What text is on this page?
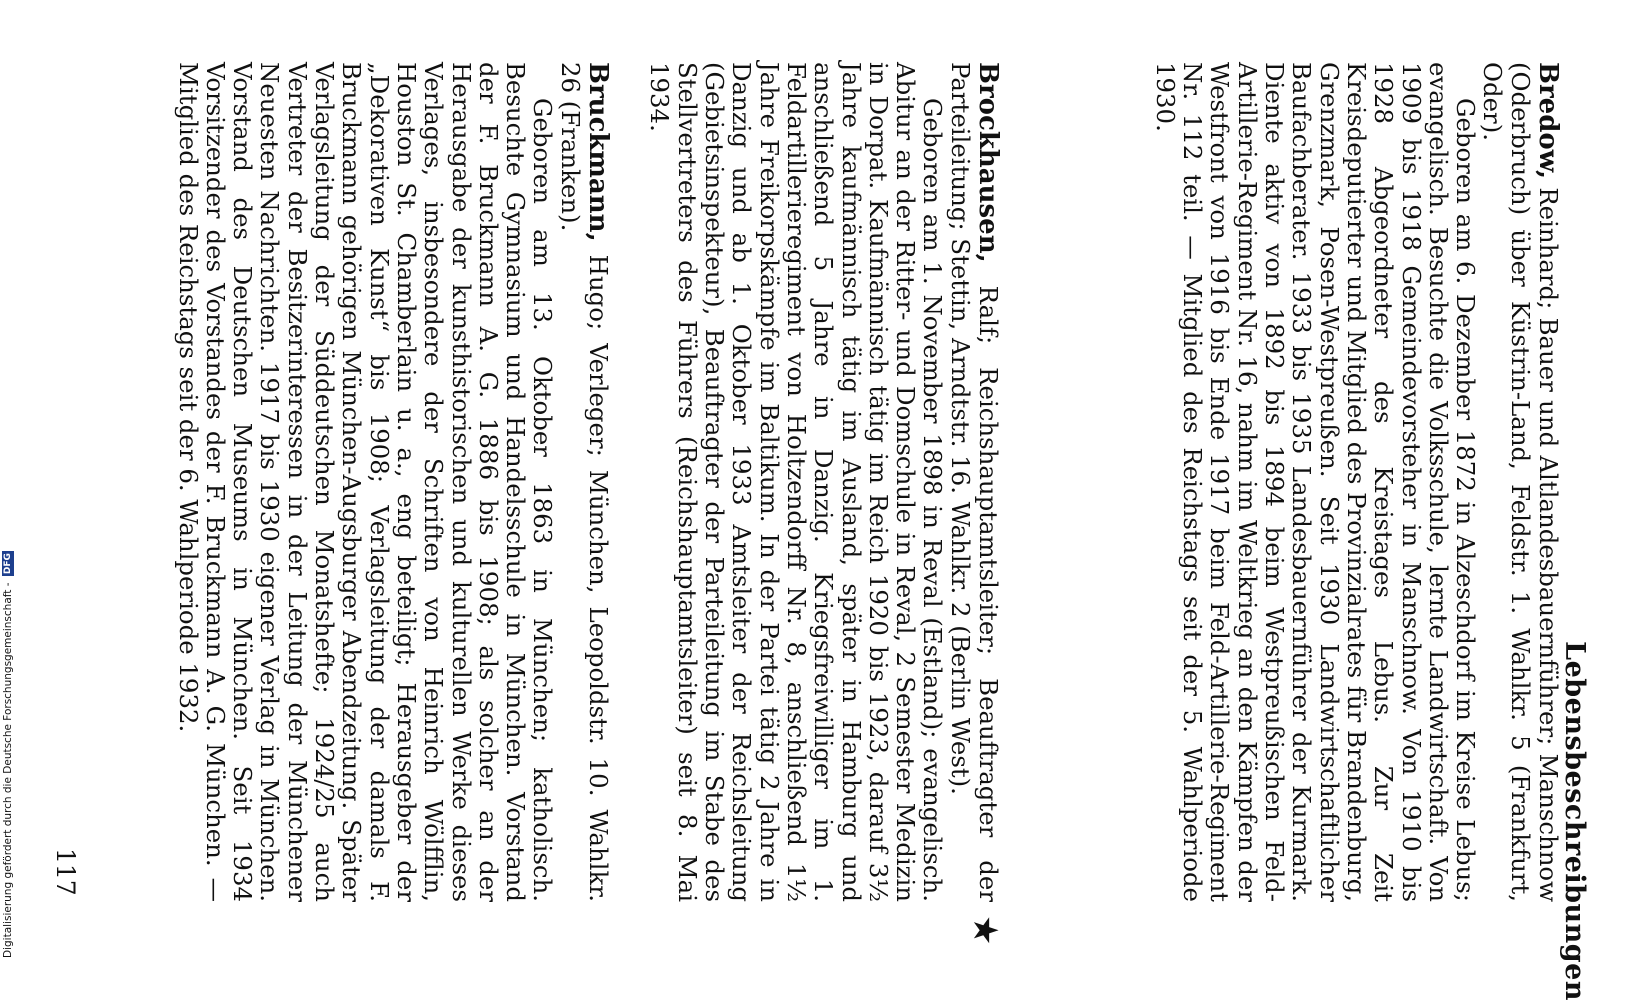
Lebensbeschreibungen

Bredow, Reinhard; Bauer und Altlandesbauernführer; Manschnow (Oderbruch) über Küstrin-Land, Feldstr. 1. Wahlkr. 5 (Frankfurt, Oder).

Geboren am 6. Dezember 1872 in Alzeschdorf im Kreise Lebus; evangelisch. Besuchte die Volksschule, lernte Landwirtschaft. Von 1909 bis 1918 Gemeindevorsteher in Manschnow. Von 1910 bis 1928 Abgeordneter des Kreistages Lebus. Zur Zeit Kreisdeputierter und Mitglied des Provinzialrates für Brandenburg, Grenzmark, Posen-Westpreußen. Seit 1930 Landwirtschaftlicher Baufachberater. 1933 bis 1935 Landesbauernführer der Kurmark. Diente aktiv von 1892 bis 1894 beim Westpreußischen Feld-Artillerie-Regiment Nr. 16, nahm im Weltkrieg an den Kämpfen der Westfront von 1916 bis Ende 1917 beim Feld-Artillerie-Regiment Nr. 112 teil. — Mitglied des Reichstags seit der 5. Wahlperiode 1930.

★

Brockhausen, Ralf; Reichshauptamtsleiter; Beauftragter der Parteileitung; Stettin, Arndtstr. 16. Wahlkr. 2 (Berlin West).

Geboren am 1. November 1898 in Reval (Estland); evangelisch. Abitur an der Ritter- und Domschule in Reval, 2 Semester Medizin in Dorpat. Kaufmännisch tätig im Reich 1920 bis 1923, darauf 3½ Jahre kaufmännisch tätig im Ausland, später in Hamburg und anschließend 5 Jahre in Danzig. Kriegsfreiwilliger im 1. Feldartillerieregiment von Holtzendorff Nr. 8, anschließend 1½ Jahre Freikorpskämpfe im Baltikum. In der Partei tätig 2 Jahre in Danzig und ab 1. Oktober 1933 Amtsleiter der Reichsleitung (Gebietsinspekteur), Beauftragter der Parteileitung im Stabe des Stellvertreters des Führers (Reichshauptamtsleiter) seit 8. Mai 1934.

Bruckmann, Hugo; Verleger; München, Leopoldstr. 10. Wahlkr. 26 (Franken).

Geboren am 13. Oktober 1863 in München; katholisch. Besuchte Gymnasium und Handelsschule in München. Vorstand der F. Bruckmann A. G. 1886 bis 1908; als solcher an der Herausgabe der kunsthistorischen und kulturellen Werke dieses Verlages, insbesondere der Schriften von Heinrich Wölfflin, Houston St. Chamberlain u. a., eng beteiligt; Herausgeber der „Dekorativen Kunst“ bis 1908; Verlagsleitung der damals F. Bruckmann gehörigen München-Augsburger Abendzeitung. Später Verlagsleitung der Süddeutschen Monatshefte; 1924/25 auch Vertreter der Besitzerinteressen in der Leitung der Münchener Neuesten Nachrichten. 1917 bis 1930 eigener Verlag in München. Vorstand des Deutschen Museums in München. Seit 1934 Vorsitzender des Vorstandes der F. Bruckmann A. G. München. — Mitglied des Reichstags seit der 6. Wahlperiode 1932.

117
Digitalisierung gefördert durch die Deutsche Forschungsgemeinschaft - DFG
